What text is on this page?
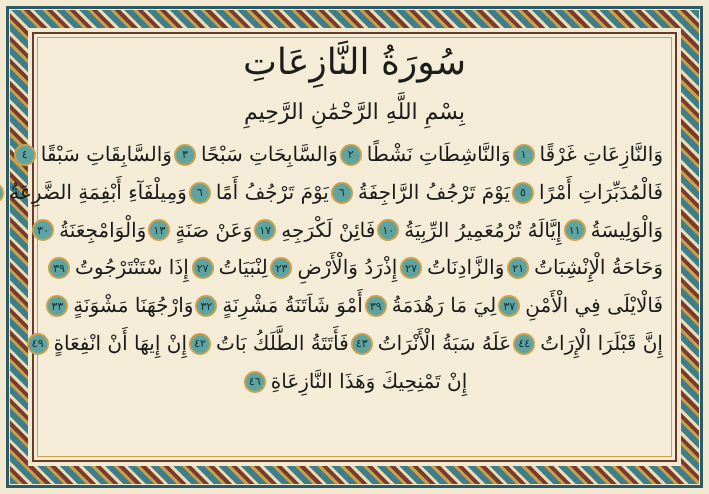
سُورَةُ النَّازِعَاتِ
بِسْمِ اللَّهِ الرَّحْمَٰنِ الرَّحِيمِ
وَالنَّازِعَاتِ غَرْقًا
١
وَالنَّاشِطَاتِ نَشْطًا
٢
وَالسَّابِحَاتِ سَبْحًا
٣
وَالسَّابِقَاتِ سَبْقًا
٤
فَالْمُدَبِّرَاتِ أَمْرًا
٥
يَوْمَ تَرْجُفُ الرَّاجِفَةُ
٦
يَوْمَ تَرْجُفُ أَمًا
٦
وَمِيلْفَآءِ أَبْفِمَةِ الضَّرِعَةُ
وَالْوَلِيسَةُ
١١
إِيَّالَهُ تُرْمُعَمِيرُ الرِّبِيَةُ
١٠
فَائِنْ لَكْرَجِهِ
١٧
وَعَنْ صَنَةٍ
١٣
وَالْوَامْجِعَنَةُ
٣٠
وَحَاحَةُ الْإِنْشِبَاتُ
٢١
وَالزَّادِنَاتُ
٢٧
إِذْرَدُ وَالْأَرْضِ
٢٣
لِنْبَيَاتُ
٢٧
إِذَا سْتَنْتَرْجُوتُ
٣٩
فَالْايْلَى فِي الْأَمْنِ
٣٧
لِيَ مَا رَهُدَمَةُ
٣٩
أَمْوَ شَاَتَنَةُ مَشْرِنَةٍ
٣٢
وَارْجُهَنَا مَشْوَنَةٍ
٣٣
إِنَّ قَبْلَرَا الْإِرَاتُ
٤٤
عَلَهُ سَبَةُ الْأَنْرَاتُ
٤٣
فَأَتَتَةُ الطَّلَكُ بَاتُ
٤٢
إِنْ إِيهَا أَنْ انْفِعَاةٍ
٤٩
إِنْ تَمْنِحِيكَ وَهَذَا النَّازِعَاةِ
٤٦
